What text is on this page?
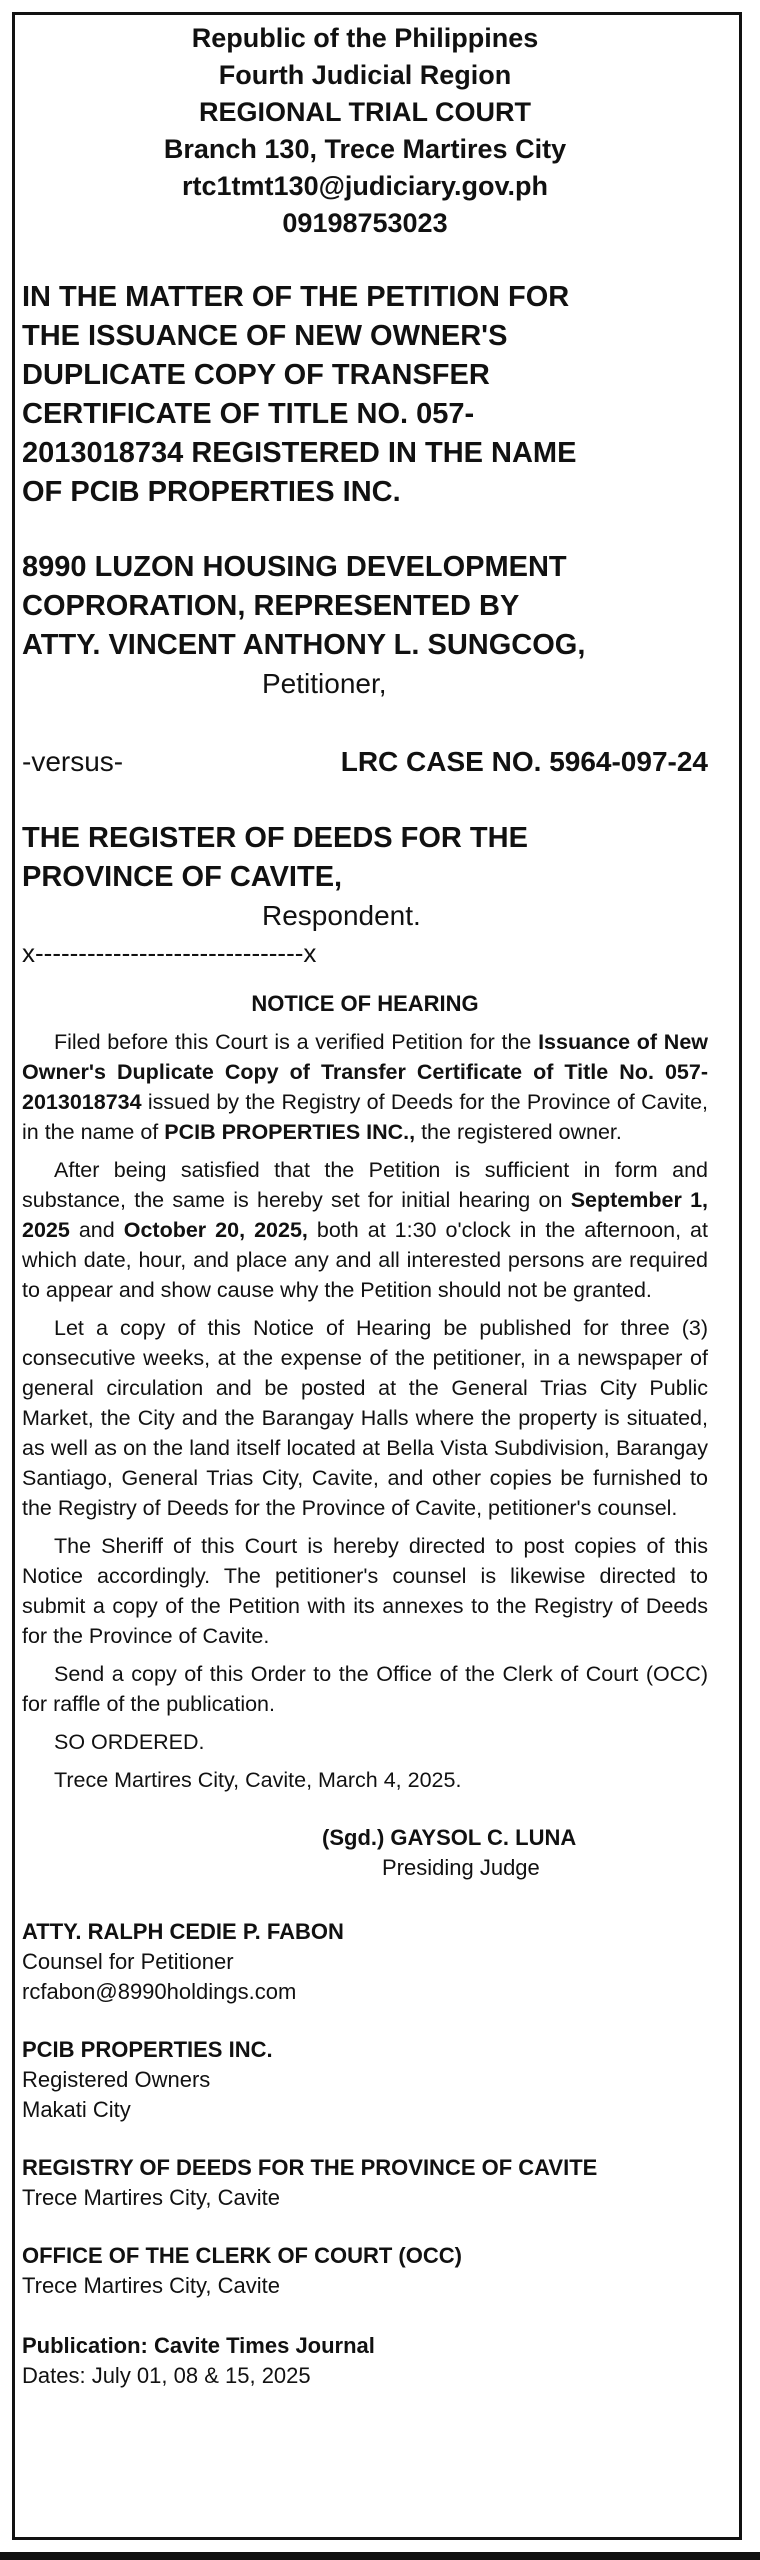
Republic of the Philippines
Fourth Judicial Region
REGIONAL TRIAL COURT
Branch 130, Trece Martires City
rtc1tmt130@judiciary.gov.ph
09198753023
IN THE MATTER OF THE PETITION FOR
THE ISSUANCE OF NEW OWNER'S
DUPLICATE COPY OF TRANSFER
CERTIFICATE OF TITLE NO. 057-
2013018734 REGISTERED IN THE NAME
OF PCIB PROPERTIES INC.
8990 LUZON HOUSING DEVELOPMENT
COPRORATION, REPRESENTED BY
ATTY. VINCENT ANTHONY L. SUNGCOG,
Petitioner,
-versus-	LRC CASE NO. 5964-097-24
THE REGISTER OF DEEDS FOR THE
PROVINCE OF CAVITE,
Respondent.
x-------------------------------x
NOTICE OF HEARING
Filed before this Court is a verified Petition for the Issuance of New Owner's Duplicate Copy of Transfer Certificate of Title No. 057-2013018734 issued by the Registry of Deeds for the Province of Cavite, in the name of PCIB PROPERTIES INC., the registered owner.
After being satisfied that the Petition is sufficient in form and substance, the same is hereby set for initial hearing on September 1, 2025 and October 20, 2025, both at 1:30 o'clock in the afternoon, at which date, hour, and place any and all interested persons are required to appear and show cause why the Petition should not be granted.
Let a copy of this Notice of Hearing be published for three (3) consecutive weeks, at the expense of the petitioner, in a newspaper of general circulation and be posted at the General Trias City Public Market, the City and the Barangay Halls where the property is situated, as well as on the land itself located at Bella Vista Subdivision, Barangay Santiago, General Trias City, Cavite, and other copies be furnished to the Registry of Deeds for the Province of Cavite, petitioner's counsel.
The Sheriff of this Court is hereby directed to post copies of this Notice accordingly. The petitioner's counsel is likewise directed to submit a copy of the Petition with its annexes to the Registry of Deeds for the Province of Cavite.
Send a copy of this Order to the Office of the Clerk of Court (OCC) for raffle of the publication.
SO ORDERED.
Trece Martires City, Cavite, March 4, 2025.
(Sgd.) GAYSOL C. LUNA
Presiding Judge
ATTY. RALPH CEDIE P. FABON
Counsel for Petitioner
rcfabon@8990holdings.com
PCIB PROPERTIES INC.
Registered Owners
Makati City
REGISTRY OF DEEDS FOR THE PROVINCE OF CAVITE
Trece Martires City, Cavite
OFFICE OF THE CLERK OF COURT (OCC)
Trece Martires City, Cavite
Publication: Cavite Times Journal
Dates: July 01, 08 & 15, 2025
